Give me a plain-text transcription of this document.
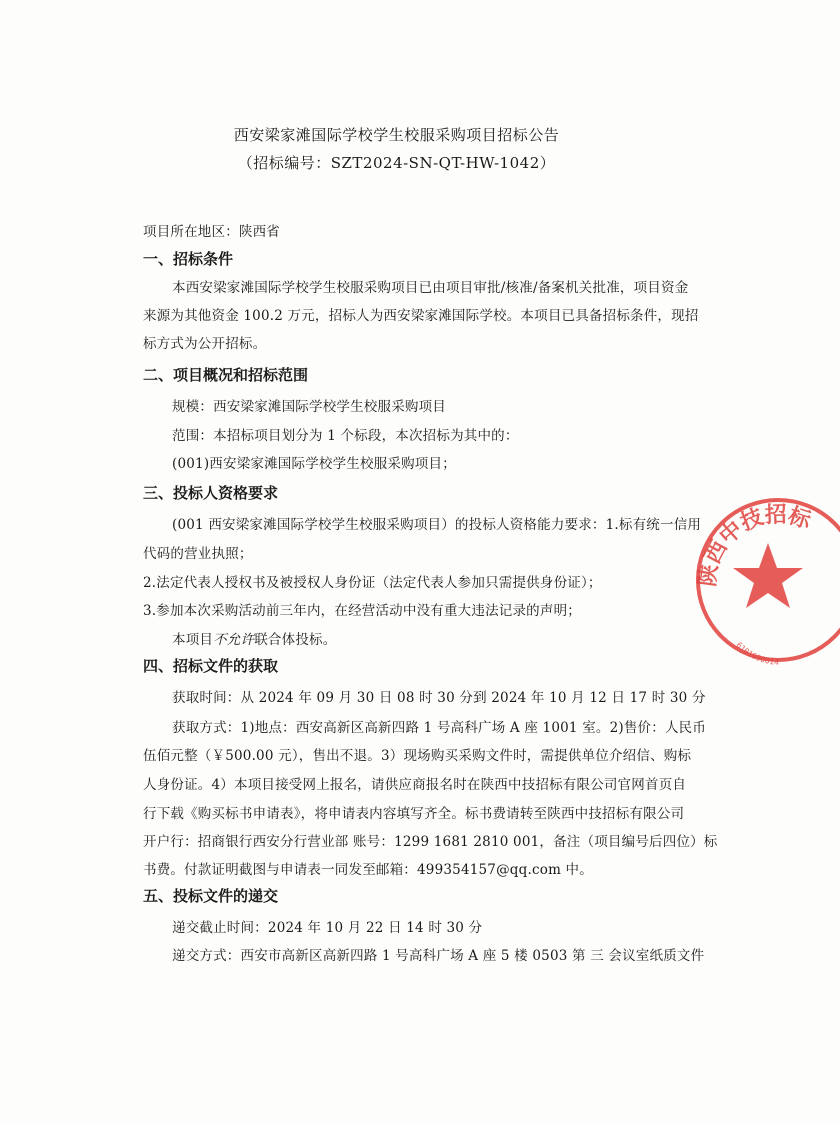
西安梁家滩国际学校学生校服采购项目招标公告
（招标编号：SZT2024-SN-QT-HW-1042）
项目所在地区：陕西省
一、招标条件
本西安梁家滩国际学校学生校服采购项目已由项目审批/核准/备案机关批准，项目资金
来源为其他资金 100.2 万元，招标人为西安梁家滩国际学校。本项目已具备招标条件，现招
标方式为公开招标。
二、项目概况和招标范围
规模：西安梁家滩国际学校学生校服采购项目
范围：本招标项目划分为 1 个标段，本次招标为其中的：
(001)西安梁家滩国际学校学生校服采购项目；
三、投标人资格要求
(001 西安梁家滩国际学校学生校服采购项目）的投标人资格能力要求：1.标有统一信用
代码的营业执照；
2.法定代表人授权书及被授权人身份证（法定代表人参加只需提供身份证）；
3.参加本次采购活动前三年内，在经营活动中没有重大违法记录的声明；
本项目不允许联合体投标。
四、招标文件的获取
获取时间：从 2024 年 09 月 30 日 08 时 30 分到 2024 年 10 月 12 日 17 时 30 分
获取方式：1)地点：西安高新区高新四路 1 号高科广场 A 座 1001 室。2)售价：人民币
伍佰元整（￥500.00 元），售出不退。3）现场购买采购文件时，需提供单位介绍信、购标
人身份证。4）本项目接受网上报名，请供应商报名时在陕西中技招标有限公司官网首页自
行下载《购买标书申请表》，将申请表内容填写齐全。标书费请转至陕西中技招标有限公司
开户行：招商银行西安分行营业部 账号：1299 1681 2810 001，备注（项目编号后四位）标
书费。付款证明截图与申请表一同发至邮箱：499354157@qq.com 中。
五、投标文件的递交
递交截止时间：2024 年 10 月 22 日 14 时 30 分
递交方式：西安市高新区高新四路 1 号高科广场 A 座 5 楼 0503 第 三 会议室纸质文件
陕西中技招标
6101990014
